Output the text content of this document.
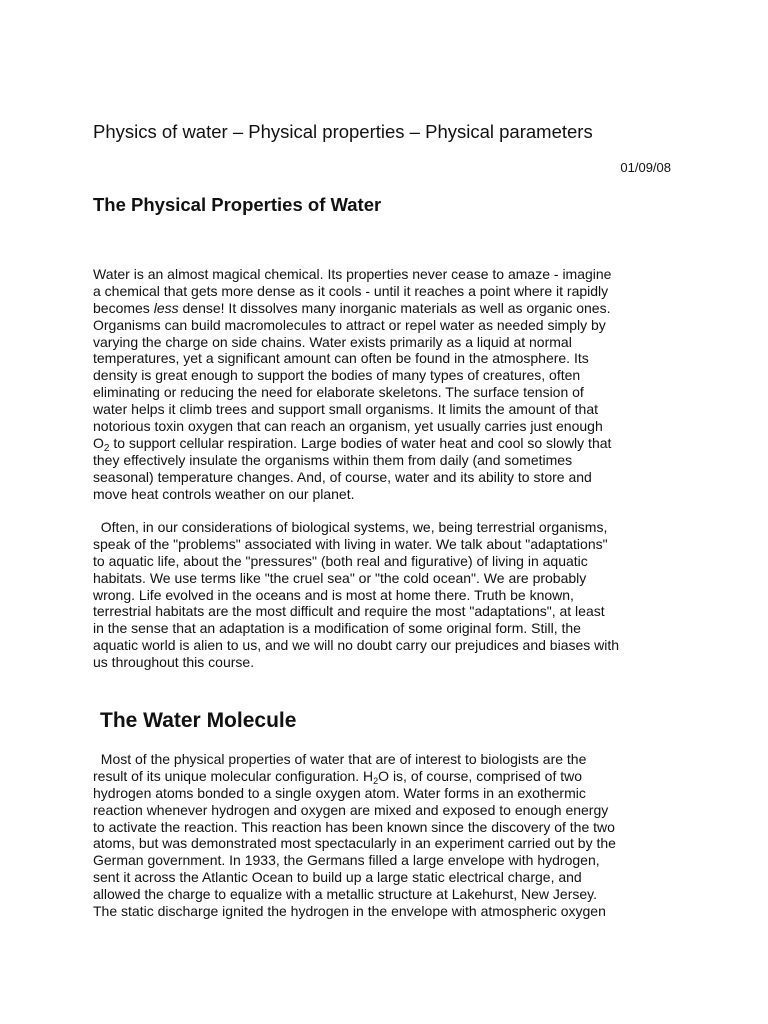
Physics of water – Physical properties – Physical parameters
01/09/08
The Physical Properties of Water

Water is an almost magical chemical. Its properties never cease to amaze - imagine
a chemical that gets more dense as it cools - until it reaches a point where it rapidly
becomes less dense! It dissolves many inorganic materials as well as organic ones.
Organisms can build macromolecules to attract or repel water as needed simply by
varying the charge on side chains. Water exists primarily as a liquid at normal
temperatures, yet a significant amount can often be found in the atmosphere. Its
density is great enough to support the bodies of many types of creatures, often
eliminating or reducing the need for elaborate skeletons. The surface tension of
water helps it climb trees and support small organisms. It limits the amount of that
notorious toxin oxygen that can reach an organism, yet usually carries just enough
$O_2$ to support cellular respiration. Large bodies of water heat and cool so slowly that
they effectively insulate the organisms within them from daily (and sometimes
seasonal) temperature changes. And, of course, water and its ability to store and
move heat controls weather on our planet.

Often, in our considerations of biological systems, we, being terrestrial organisms,
speak of the "problems" associated with living in water. We talk about "adaptations"
to aquatic life, about the "pressures" (both real and figurative) of living in aquatic
habitats. We use terms like "the cruel sea" or "the cold ocean". We are probably
wrong. Life evolved in the oceans and is most at home there. Truth be known,
terrestrial habitats are the most difficult and require the most "adaptations", at least
in the sense that an adaptation is a modification of some original form. Still, the
aquatic world is alien to us, and we will no doubt carry our prejudices and biases with
us throughout this course.

The Water Molecule

Most of the physical properties of water that are of interest to biologists are the
result of its unique molecular configuration. $H_2O$ is, of course, comprised of two
hydrogen atoms bonded to a single oxygen atom. Water forms in an exothermic
reaction whenever hydrogen and oxygen are mixed and exposed to enough energy
to activate the reaction. This reaction has been known since the discovery of the two
atoms, but was demonstrated most spectacularly in an experiment carried out by the
German government. In 1933, the Germans filled a large envelope with hydrogen,
sent it across the Atlantic Ocean to build up a large static electrical charge, and
allowed the charge to equalize with a metallic structure at Lakehurst, New Jersey.
The static discharge ignited the hydrogen in the envelope with atmospheric oxygen
